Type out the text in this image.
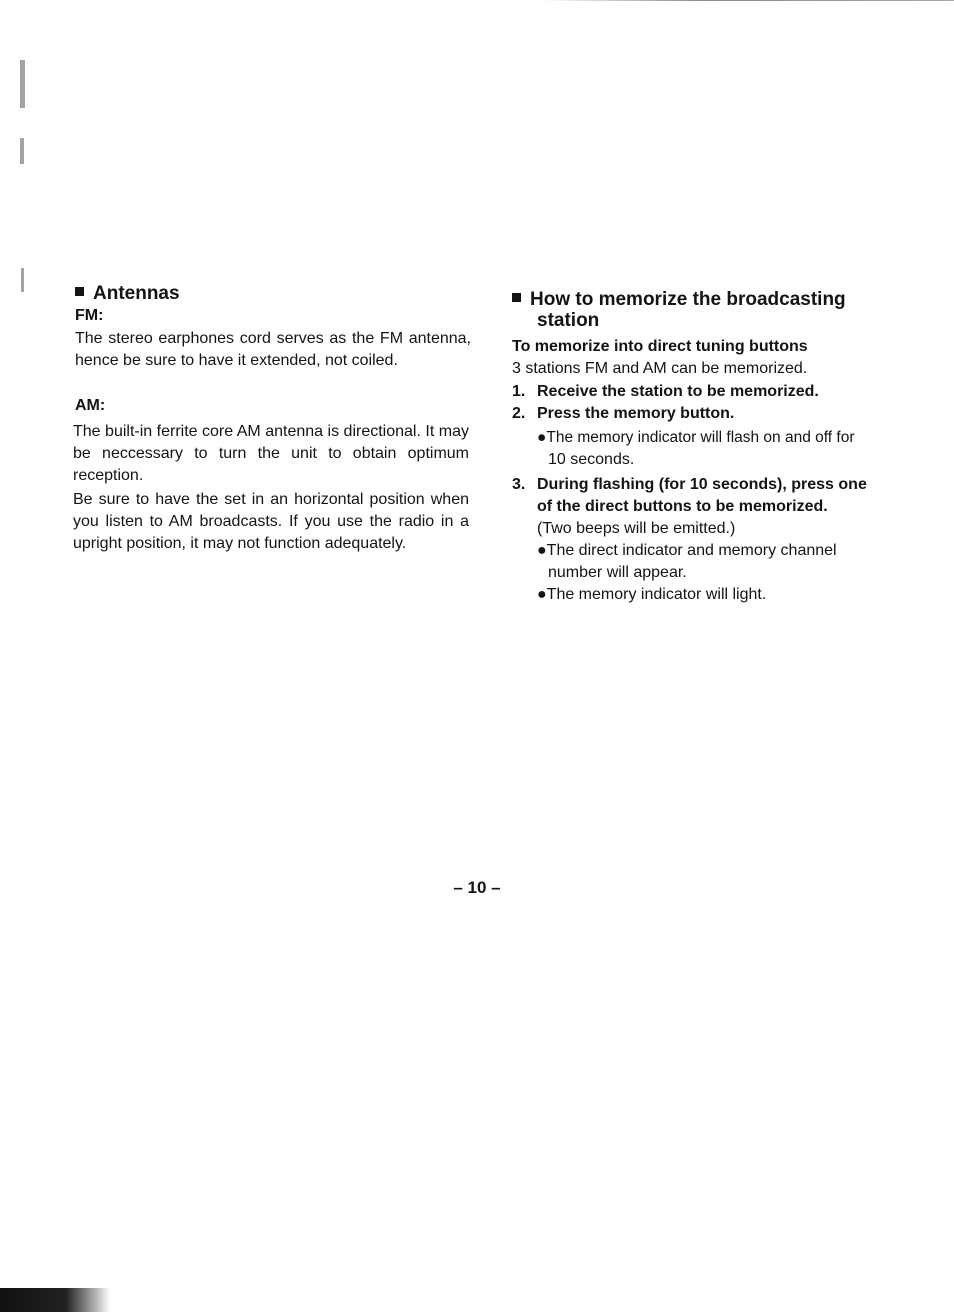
Antennas
FM:
The stereo earphones cord serves as the FM antenna, hence be sure to have it extended, not coiled.
AM:
The built-in ferrite core AM antenna is directional. It may be neccessary to turn the unit to obtain optimum reception.
Be sure to have the set in an horizontal position when you listen to AM broadcasts. If you use the radio in a upright position, it may not function adequately.
How to memorize the broadcasting
station
To memorize into direct tuning buttons
3 stations FM and AM can be memorized.
1. Receive the station to be memorized.
2. Press the memory button.
●The memory indicator will flash on and off for
10 seconds.
3. During flashing (for 10 seconds), press one
of the direct buttons to be memorized.
(Two beeps will be emitted.)
●The direct indicator and memory channel
number will appear.
●The memory indicator will light.
– 10 –
